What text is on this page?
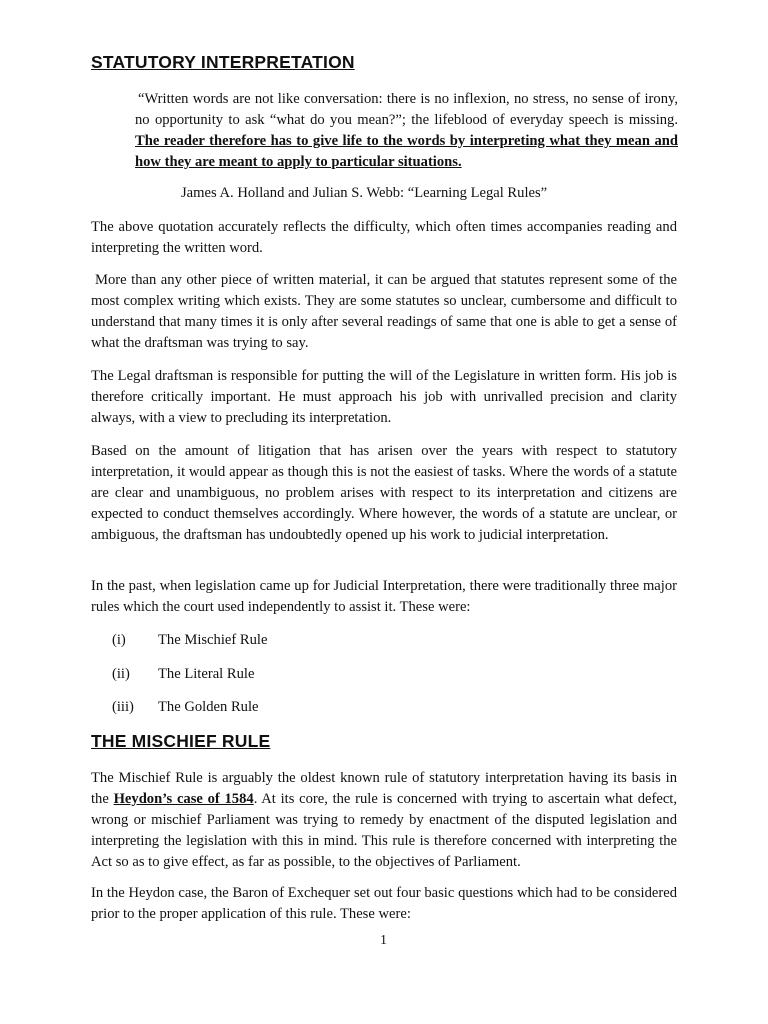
STATUTORY INTERPRETATION

“Written words are not like conversation: there is no inflexion, no stress, no sense of irony, no opportunity to ask “what do you mean?”; the lifeblood of everyday speech is missing. The reader therefore has to give life to the words by interpreting what they mean and how they are meant to apply to particular situations.

James A. Holland and Julian S. Webb: “Learning Legal Rules”

The above quotation accurately reflects the difficulty, which often times accompanies reading and interpreting the written word.

More than any other piece of written material, it can be argued that statutes represent some of the most complex writing which exists. They are some statutes so unclear, cumbersome and difficult to understand that many times it is only after several readings of same that one is able to get a sense of what the draftsman was trying to say.

The Legal draftsman is responsible for putting the will of the Legislature in written form. His job is therefore critically important. He must approach his job with unrivalled precision and clarity always, with a view to precluding its interpretation.

Based on the amount of litigation that has arisen over the years with respect to statutory interpretation, it would appear as though this is not the easiest of tasks. Where the words of a statute are clear and unambiguous, no problem arises with respect to its interpretation and citizens are expected to conduct themselves accordingly. Where however, the words of a statute are unclear, or ambiguous, the draftsman has undoubtedly opened up his work to judicial interpretation.

In the past, when legislation came up for Judicial Interpretation, there were traditionally three major rules which the court used independently to assist it. These were:

(i) The Mischief Rule

(ii) The Literal Rule

(iii) The Golden Rule

THE MISCHIEF RULE

The Mischief Rule is arguably the oldest known rule of statutory interpretation having its basis in the Heydon’s case of 1584. At its core, the rule is concerned with trying to ascertain what defect, wrong or mischief Parliament was trying to remedy by enactment of the disputed legislation and interpreting the legislation with this in mind. This rule is therefore concerned with interpreting the Act so as to give effect, as far as possible, to the objectives of Parliament.

In the Heydon case, the Baron of Exchequer set out four basic questions which had to be considered prior to the proper application of this rule. These were:

1
